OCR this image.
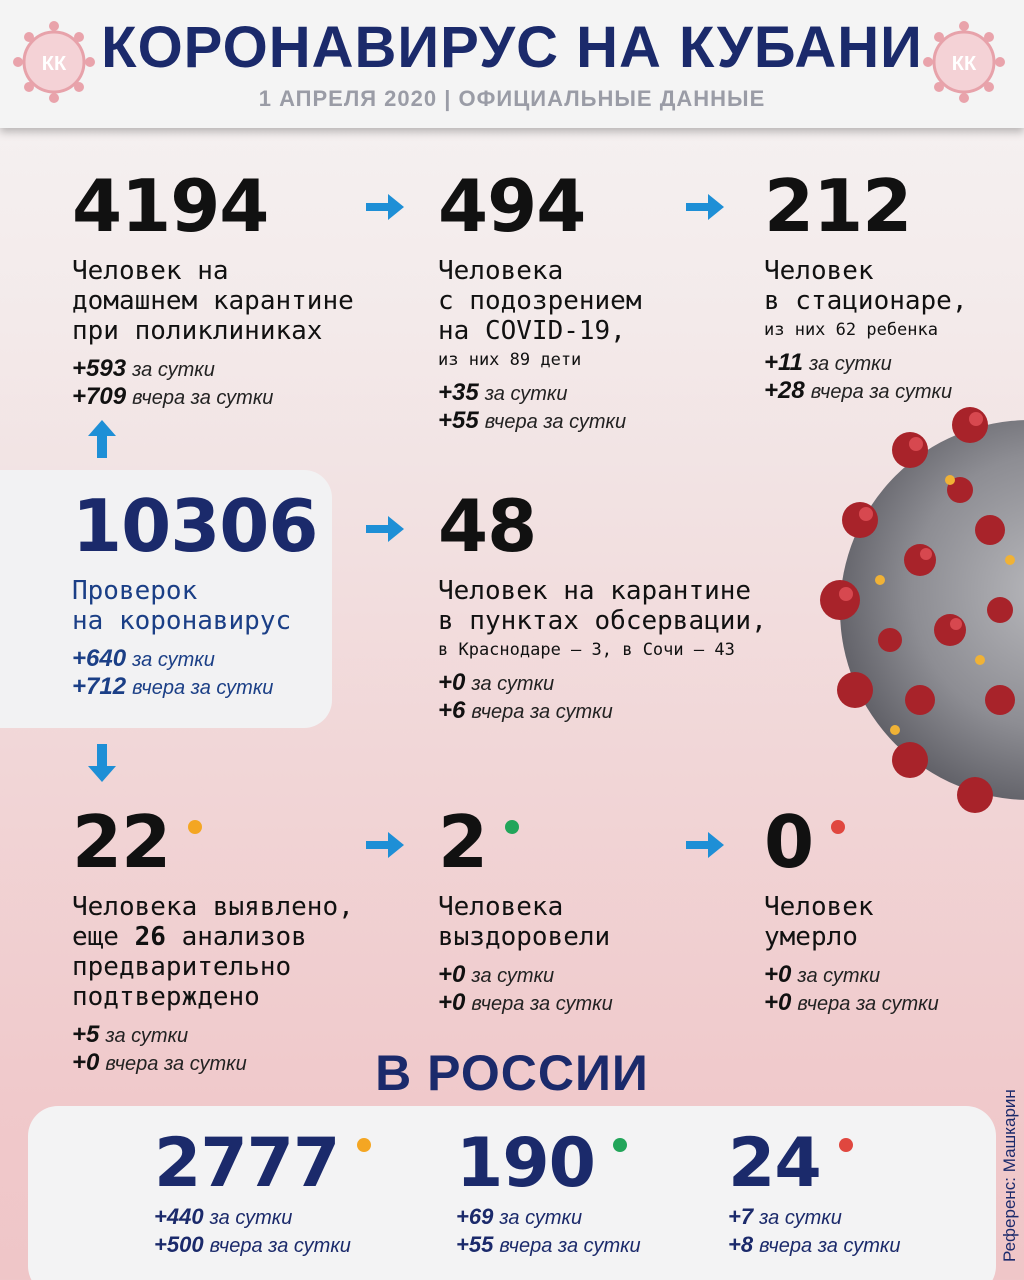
КК КОРОНАВИРУС НА КУБАНИ
1 АПРЕЛЯ 2020 | ОФИЦИАЛЬНЫЕ ДАННЫЕ
КК
4194
Человек на
домашнем карантине
при поликлиниках
+593 за сутки
+709 вчера за сутки
494
Человека
с подозрением
на COVID-19,
из них 89 дети
+35 за сутки
+55 вчера за сутки
212
Человек
в стационаре,
из них 62 ребенка
+11 за сутки
+28 вчера за сутки
10306
Проверок
на коронавирус
+640 за сутки
+712 вчера за сутки
48
Человек на карантине
в пунктах обсервации,
в Краснодаре — 3, в Сочи — 43
+0 за сутки
+6 вчера за сутки
22
Человека выявлено,
еще 26 анализов
предварительно
подтверждено
+5 за сутки
+0 вчера за сутки
2
Человека
выздоровели
+0 за сутки
+0 вчера за сутки
0
Человек
умерло
+0 за сутки
+0 вчера за сутки
В РОССИИ
2777
+440 за сутки
+500 вчера за сутки
190
+69 за сутки
+55 вчера за сутки
24
+7 за сутки
+8 вчера за сутки	Референс: Машкарин
